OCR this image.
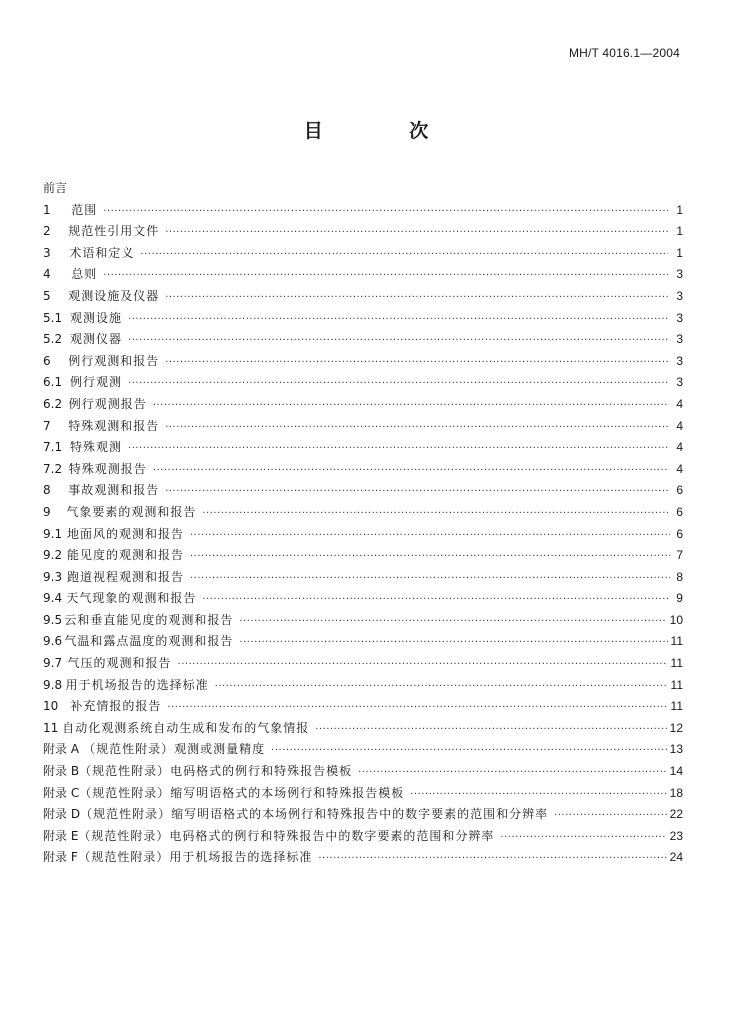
MH/T 4016.1—2004
目 次
前言
1	范围 ·····	1
2	规范性引用文件 ·····	1
3	术语和定义 ·····	1
4	总则 ·····	3
5	观测设施及仪器 ·····	3
5.1 观测设施 ·····	3
5.2 观测仪器 ·····	3
6	例行观测和报告 ·····	3
6.1 例行观测 ·····	3
6.2 例行观测报告 ·····	4
7	特殊观测和报告 ·····	4
7.1 特殊观测 ·····	4
7.2 特殊观测报告 ·····	4
8	事故观测和报告 ·····	6
9	气象要素的观测和报告 ·····	6
9.1 地面风的观测和报告 ·····	6
9.2 能见度的观测和报告 ·····	7
9.3 跑道视程观测和报告 ·····	8
9.4 天气现象的观测和报告 ·····	9
9.5 云和垂直能见度的观测和报告 ·····	10
9.6 气温和露点温度的观测和报告 ·····	11
9.7 气压的观测和报告 ·····	11
9.8 用于机场报告的选择标准 ·····	11
10	补充情报的报告 ·····	11
11 自动化观测系统自动生成和发布的气象情报 ·····	12
附录 A （规范性附录）观测或测量精度 ·····	13
附录 B （规范性附录）电码格式的例行和特殊报告模板 ·····	14
附录 C （规范性附录）缩写明语格式的本场例行和特殊报告模板 ·····	18
附录 D （规范性附录）缩写明语格式的本场例行和特殊报告中的数字要素的范围和分辨率 ·····	22
附录 E （规范性附录）电码格式的例行和特殊报告中的数字要素的范围和分辨率 ·····	23
附录 F （规范性附录）用于机场报告的选择标准 ·····	24
